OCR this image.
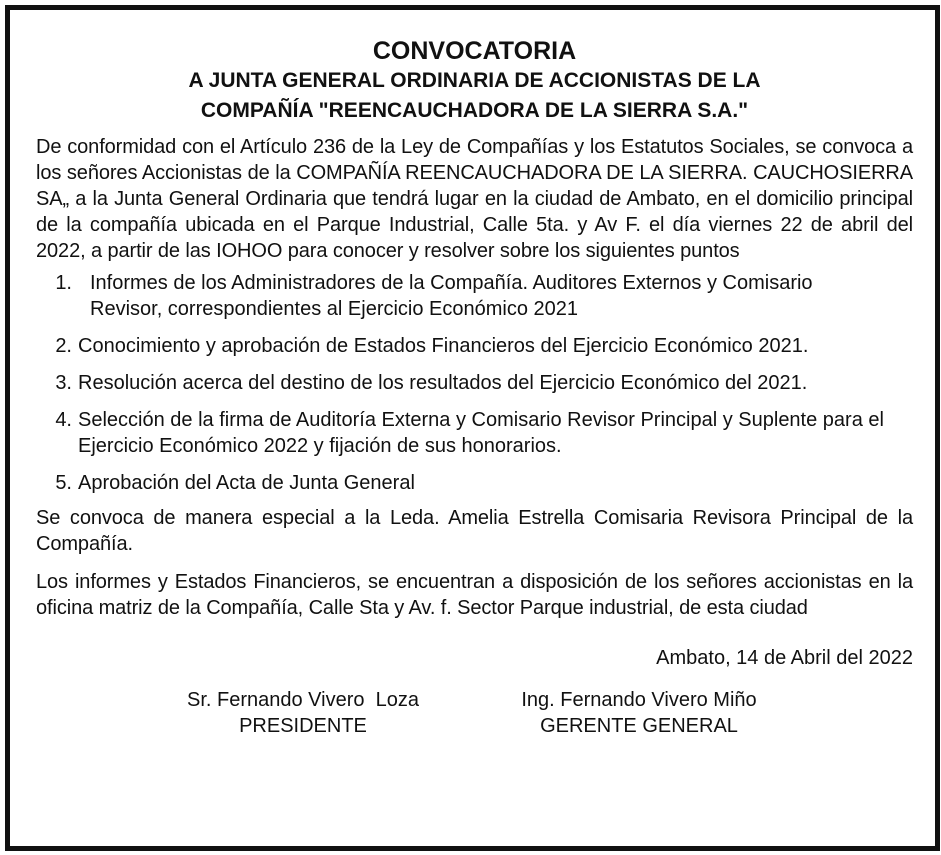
CONVOCATORIA

A JUNTA GENERAL ORDINARIA DE ACCIONISTAS DE LA

COMPAÑÍA "REENCAUCHADORA DE LA SIERRA S.A."

De conformidad con el Artículo 236 de la Ley de Compañías y los Estatutos Sociales, se convoca a los señores Accionistas de la COMPAÑÍA REENCAUCHADORA DE LA SIERRA. CAUCHOSIERRA SA„ a la Junta General Ordinaria que tendrá lugar en la ciudad de Ambato, en el domicilio principal de la compañía ubicada en el Parque Industrial, Calle 5ta. y Av F. el día viernes 22 de abril del 2022, a partir de las IOHOO para conocer y resolver sobre los siguientes puntos

1. Informes de los Administradores de la Compañía. Auditores Externos y Comisario Revisor, correspondientes al Ejercicio Económico 2021
2. Conocimiento y aprobación de Estados Financieros del Ejercicio Económico 2021.
3. Resolución acerca del destino de los resultados del Ejercicio Económico del 2021.
4. Selección de la firma de Auditoría Externa y Comisario Revisor Principal y Suplente para el Ejercicio Económico 2022 y fijación de sus honorarios.
5. Aprobación del Acta de Junta General

Se convoca de manera especial a la Leda. Amelia Estrella Comisaria Revisora Principal de la Compañía.

Los informes y Estados Financieros, se encuentran a disposición de los señores accionistas en la oficina matriz de la Compañía, Calle Sta y Av. f. Sector Parque industrial, de esta ciudad

Ambato, 14 de Abril del 2022

Sr. Fernando Vivero  Loza
PRESIDENTE
Ing. Fernando Vivero Miño
GERENTE GENERAL
